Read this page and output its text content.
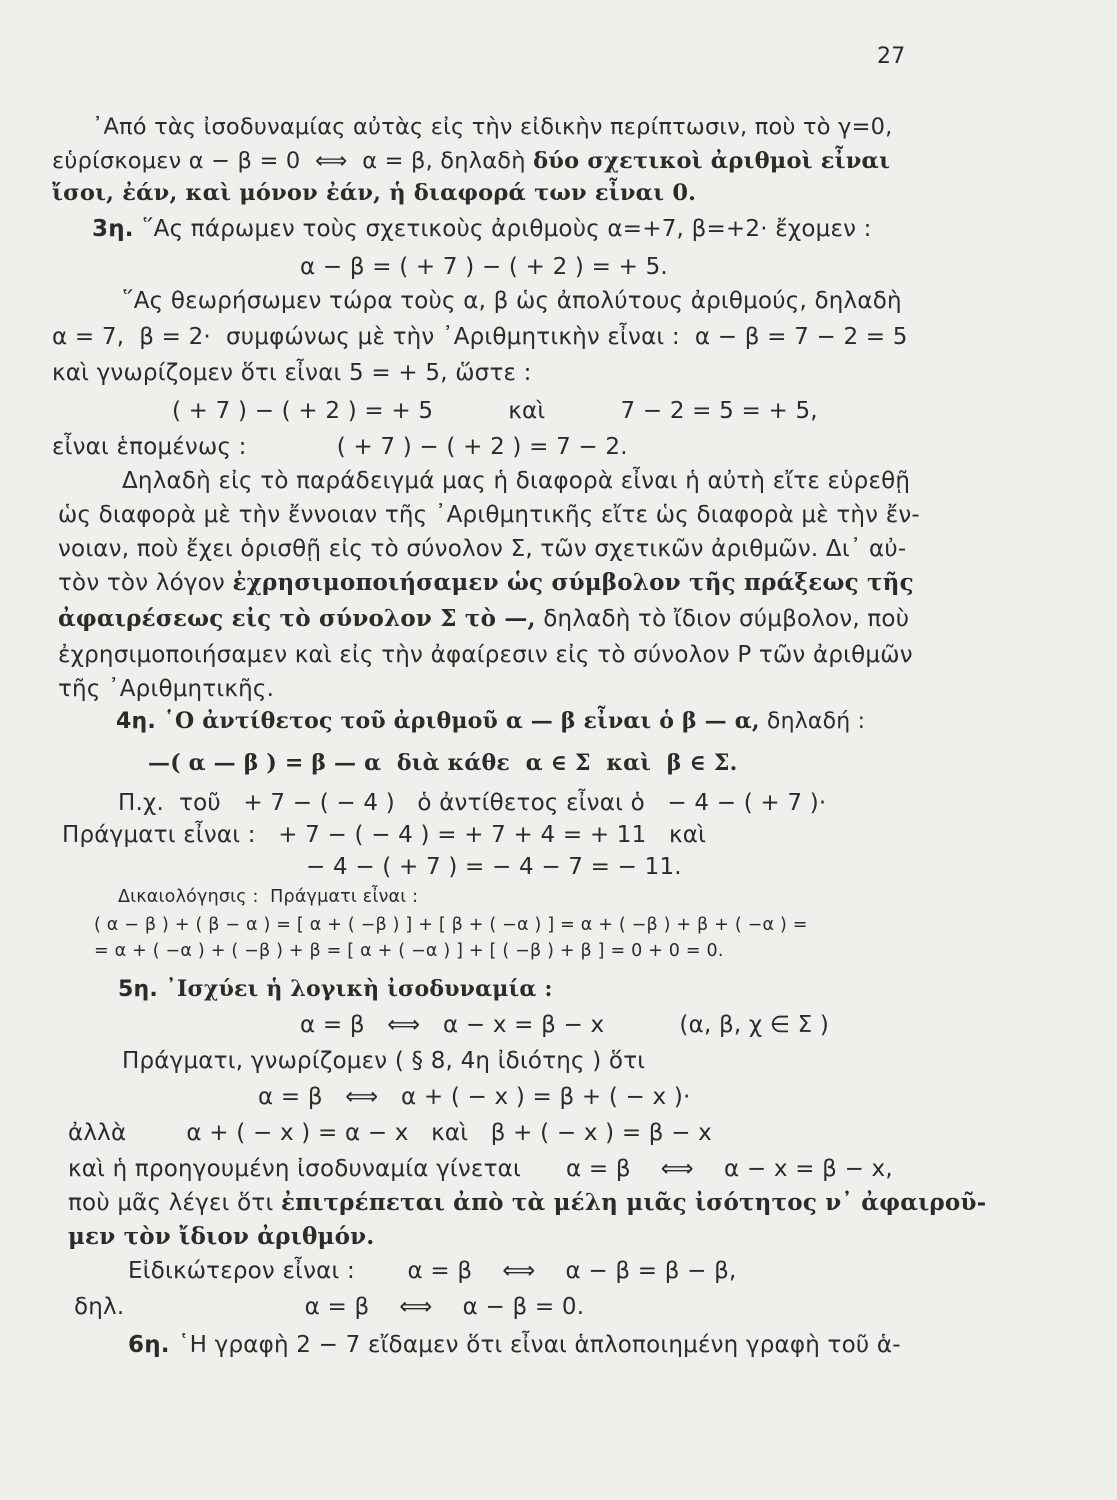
27
᾿Από τὰς ἰσοδυναμίας αὐτὰς εἰς τὴν εἰδικὴν περίπτωσιν, ποὺ τὸ γ=0,
εὑρίσκομεν α − β = 0  ⟺  α = β, δηλαδὴ δύο σχετικοὶ ἀριθμοὶ εἶναι
ἴσοι, ἐάν, καὶ μόνον ἐάν, ἡ διαφορά των εἶναι 0.
3η. ῞Ας πάρωμεν τοὺς σχετικοὺς ἀριθμοὺς α=+7, β=+2· ἔχομεν :
α − β = ( + 7 ) − ( + 2 ) = + 5.
῞Ας θεωρήσωμεν τώρα τοὺς α, β ὡς ἀπολύτους ἀριθμούς, δηλαδὴ
α = 7,  β = 2·  συμφώνως μὲ τὴν ᾿Αριθμητικὴν εἶναι :  α − β = 7 − 2 = 5
καὶ γνωρίζομεν ὅτι εἶναι 5 = + 5, ὥστε :
( + 7 ) − ( + 2 ) = + 5          καὶ          7 − 2 = 5 = + 5,
εἶναι ἑπομένως :            ( + 7 ) − ( + 2 ) = 7 − 2.
Δηλαδὴ εἰς τὸ παράδειγμά μας ἡ διαφορὰ εἶναι ἡ αὐτὴ εἴτε εὑρεθῇ
ὡς διαφορὰ μὲ τὴν ἔννοιαν τῆς ᾿Αριθμητικῆς εἴτε ὡς διαφορὰ μὲ τὴν ἔν-
νοιαν, ποὺ ἔχει ὁρισθῇ εἰς τὸ σύνολον Σ, τῶν σχετικῶν ἀριθμῶν. Δι᾿ αὐ-
τὸν τὸν λόγον ἐχρησιμοποιήσαμεν ὡς σύμβολον τῆς πράξεως τῆς
ἀφαιρέσεως εἰς τὸ σύνολον Σ τὸ —, δηλαδὴ τὸ ἴδιον σύμβολον, ποὺ
ἐχρησιμοποιήσαμεν καὶ εἰς τὴν ἀφαίρεσιν εἰς τὸ σύνολον Ρ τῶν ἀριθμῶν
τῆς ᾿Αριθμητικῆς.
4η. ῾Ο ἀντίθετος τοῦ ἀριθμοῦ α — β εἶναι ὁ β — α, δηλαδή :
—( α — β ) = β — α  διὰ κάθε  α ∈ Σ  καὶ  β ∈ Σ.
Π.χ.  τοῦ   + 7 − ( − 4 )   ὁ ἀντίθετος εἶναι ὁ   − 4 − ( + 7 )·
Πράγματι εἶναι :   + 7 − ( − 4 ) = + 7 + 4 = + 11   καὶ
− 4 − ( + 7 ) = − 4 − 7 = − 11.
Δικαιολόγησις :  Πράγματι εἶναι :
( α − β ) + ( β − α ) = [ α + ( −β ) ] + [ β + ( −α ) ] = α + ( −β ) + β + ( −α ) =
= α + ( −α ) + ( −β ) + β = [ α + ( −α ) ] + [ ( −β ) + β ] = 0 + 0 = 0.
5η. ᾿Ισχύει ἡ λογικὴ ἰσοδυναμία :
α = β   ⟺   α − x = β − x          (α, β, χ ∈ Σ )
Πράγματι, γνωρίζομεν ( § 8, 4η ἰδιότης ) ὅτι
α = β   ⟺   α + ( − x ) = β + ( − x )·
ἀλλὰ        α + ( − x ) = α − x   καὶ   β + ( − x ) = β − x
καὶ ἡ προηγουμένη ἰσοδυναμία γίνεται      α = β    ⟺    α − x = β − x,
ποὺ μᾶς λέγει ὅτι ἐπιτρέπεται ἀπὸ τὰ μέλη μιᾶς ἰσότητος ν᾿ ἀφαιροῦ-
μεν τὸν ἴδιον ἀριθμόν.
Εἰδικώτερον εἶναι :       α = β    ⟺    α − β = β − β,
δηλ.                        α = β    ⟺    α − β = 0.
6η. ῾Η γραφὴ 2 − 7 εἴδαμεν ὅτι εἶναι ἁπλοποιημένη γραφὴ τοῦ ἁ-
